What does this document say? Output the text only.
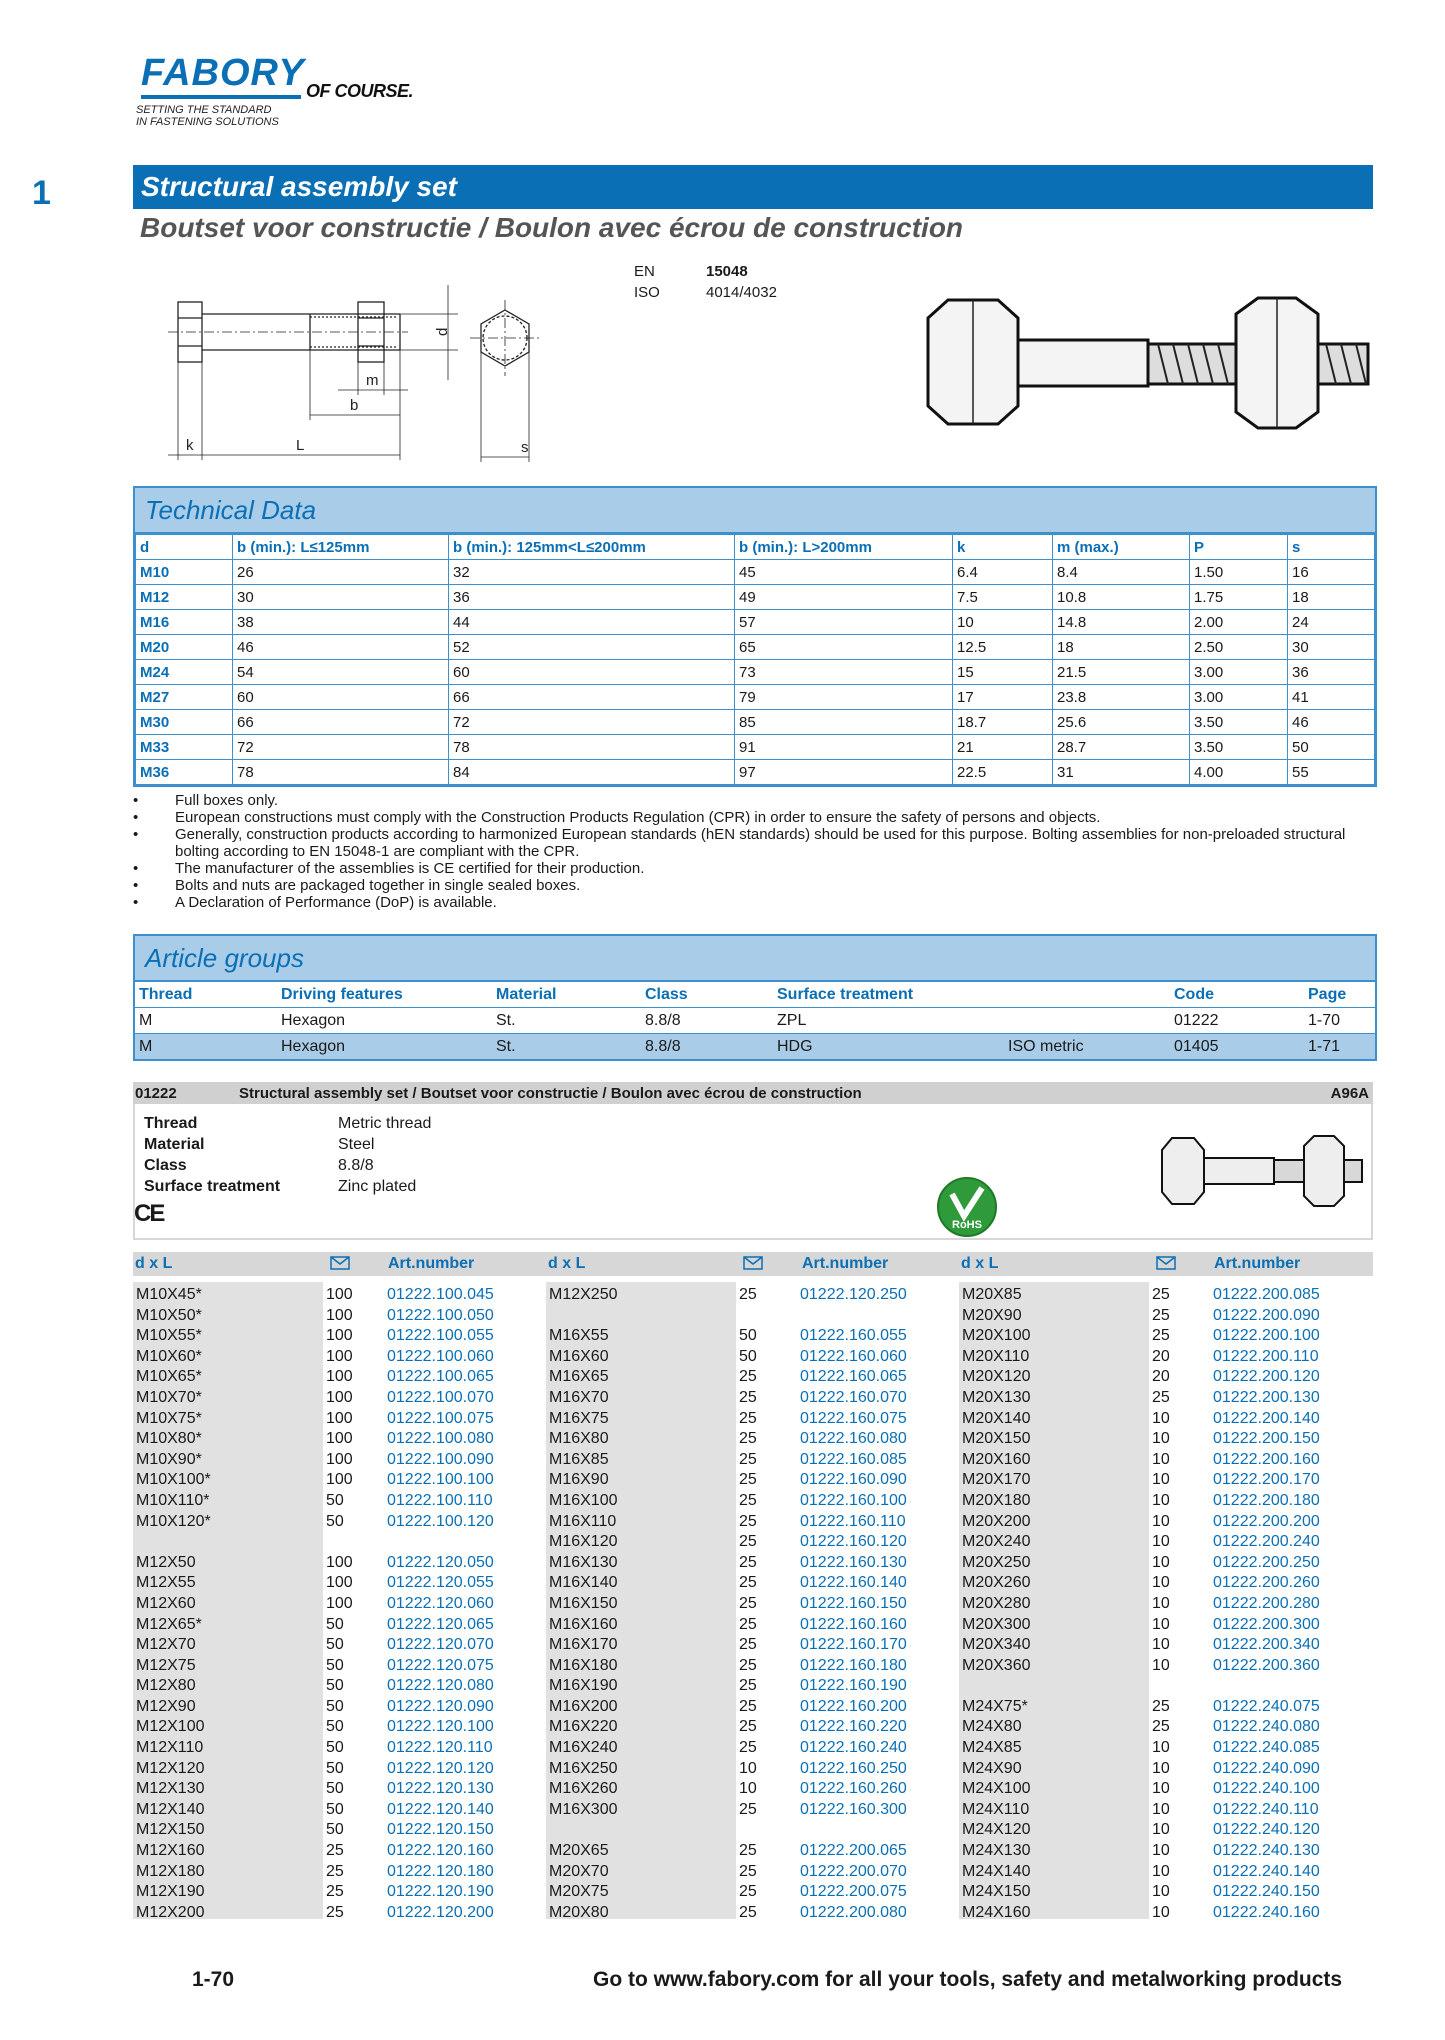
FABORY OF COURSE.
SETTING THE STANDARD
IN FASTENING SOLUTIONS
1	Structural assembly set
Boutset voor constructie / Boulon avec écrou de construction
d
m
b
k	L	s
EN	15048
ISO	4014/4032
Technical Data
d	b (min.): L≤125mm	b (min.): 125mm<L≤200mm	b (min.): L>200mm	k	m (max.)	P	s
M10	26	32	45	6.4	8.4	1.50	16
M12	30	36	49	7.5	10.8	1.75	18
M16	38	44	57	10	14.8	2.00	24
M20	46	52	65	12.5	18	2.50	30
M24	54	60	73	15	21.5	3.00	36
M27	60	66	79	17	23.8	3.00	41
M30	66	72	85	18.7	25.6	3.50	46
M33	72	78	91	21	28.7	3.50	50
M36	78	84	97	22.5	31	4.00	55
• Full boxes only.
• European constructions must comply with the Construction Products Regulation (CPR) in order to ensure the safety of persons and objects.
• Generally, construction products according to harmonized European standards (hEN standards) should be used for this purpose. Bolting assemblies for non-preloaded structural bolting according to EN 15048-1 are compliant with the CPR.
• The manufacturer of the assemblies is CE certified for their production.
• Bolts and nuts are packaged together in single sealed boxes.
• A Declaration of Performance (DoP) is available.
Article groups
Thread	Driving features	Material	Class	Surface treatment		Code	Page
M	Hexagon	St.	8.8/8	ZPL		01222	1-70
M	Hexagon	St.	8.8/8	HDG	ISO metric	01405	1-71
01222	Structural assembly set / Boutset voor constructie / Boulon avec écrou de construction	A96A
Thread	Metric thread
Material	Steel
Class	8.8/8
Surface treatment	Zinc plated
CE	RoHS
d x L	Art.number	d x L	Art.number	d x L	Art.number
M10X45*	100 01222.100.045
M10X50*	100 01222.100.050
M10X55*	100 01222.100.055
M10X60*	100 01222.100.060
M10X65*	100 01222.100.065
M10X70*	100 01222.100.070
M10X75*	100 01222.100.075
M10X80*	100 01222.100.080
M10X90*	100 01222.100.090
M10X100*	100 01222.100.100
M10X110*	50	01222.100.110
M10X120*	50	01222.100.120
M12X50	100 01222.120.050
M12X55	100 01222.120.055
M12X60	100 01222.120.060
M12X65*	50	01222.120.065
M12X70	50	01222.120.070
M12X75	50	01222.120.075
M12X80	50	01222.120.080
M12X90	50	01222.120.090
M12X100	50	01222.120.100
M12X110	50	01222.120.110
M12X120	50	01222.120.120
M12X130	50	01222.120.130
M12X140	50	01222.120.140
M12X150	50	01222.120.150
M12X160	25	01222.120.160
M12X180	25	01222.120.180
M12X190	25	01222.120.190
M12X200	25	01222.120.200
M12X250	25	01222.120.250
M16X55	50	01222.160.055
M16X60	50	01222.160.060
M16X65	25	01222.160.065
M16X70	25	01222.160.070
M16X75	25	01222.160.075
M16X80	25	01222.160.080
M16X85	25	01222.160.085
M16X90	25	01222.160.090
M16X100	25	01222.160.100
M16X110	25	01222.160.110
M16X120	25	01222.160.120
M16X130	25	01222.160.130
M16X140	25	01222.160.140
M16X150	25	01222.160.150
M16X160	25	01222.160.160
M16X170	25	01222.160.170
M16X180	25	01222.160.180
M16X190	25	01222.160.190
M16X200	25	01222.160.200
M16X220	25	01222.160.220
M16X240	25	01222.160.240
M16X250	10	01222.160.250
M16X260	10	01222.160.260
M16X300	25	01222.160.300
M20X65	25	01222.200.065
M20X70	25	01222.200.070
M20X75	25	01222.200.075
M20X80	25	01222.200.080
M20X85	25	01222.200.085
M20X90	25	01222.200.090
M20X100	25	01222.200.100
M20X110	20	01222.200.110
M20X120	20	01222.200.120
M20X130	25	01222.200.130
M20X140	10	01222.200.140
M20X150	10	01222.200.150
M20X160	10	01222.200.160
M20X170	10	01222.200.170
M20X180	10	01222.200.180
M20X200	10	01222.200.200
M20X240	10	01222.200.240
M20X250	10	01222.200.250
M20X260	10	01222.200.260
M20X280	10	01222.200.280
M20X300	10	01222.200.300
M20X340	10	01222.200.340
M20X360	10	01222.200.360
M24X75*	25	01222.240.075
M24X80	25	01222.240.080
M24X85	10	01222.240.085
M24X90	10	01222.240.090
M24X100	10	01222.240.100
M24X110	10	01222.240.110
M24X120	10	01222.240.120
M24X130	10	01222.240.130
M24X140	10	01222.240.140
M24X150	10	01222.240.150
M24X160	10	01222.240.160
1-70	Go to www.fabory.com for all your tools, safety and metalworking products
